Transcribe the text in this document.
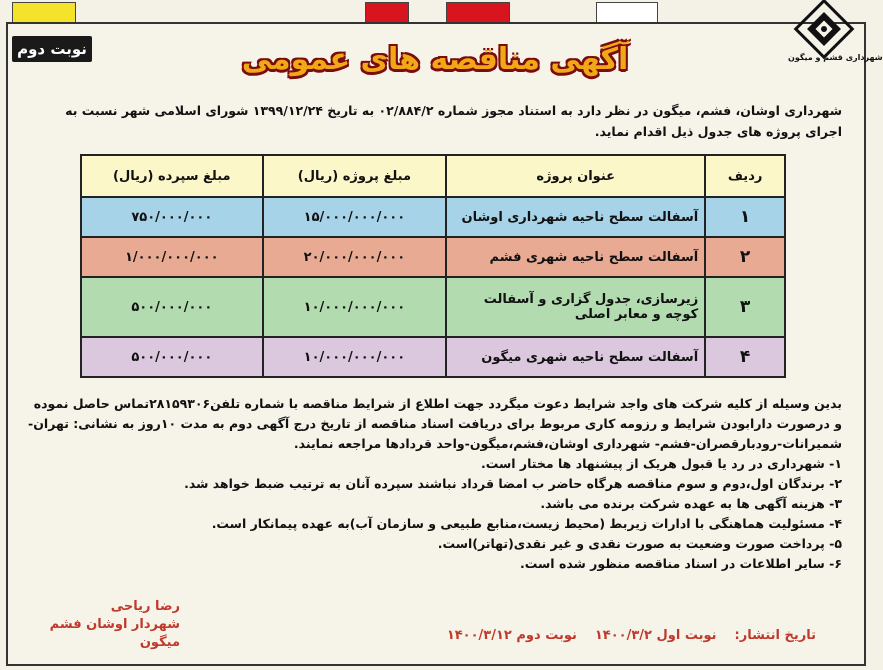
نوبت دوم	شهرداری قشم و میگون
آگهی مناقصه های عمومی
شهرداری اوشان، فشم، میگون در نظر دارد به استناد مجوز شماره ۰۲/۸۸۴/۲ به تاریخ ۱۳۹۹/۱۲/۲۴ شورای اسلامی شهر نسبت به اجرای پروژه های جدول ذیل اقدام نماید.
ردیف	عنوان پروژه	مبلغ پروژه (ریال)	مبلغ سپرده (ریال)
۱	آسفالت سطح ناحیه شهرداری اوشان	۱۵/۰۰۰/۰۰۰/۰۰۰	۷۵۰/۰۰۰/۰۰۰
۲	آسفالت سطح ناحیه شهری فشم	۲۰/۰۰۰/۰۰۰/۰۰۰	۱/۰۰۰/۰۰۰/۰۰۰
۳	زیرسازی، جدول گزاری و آسفالت کوچه و معابر اصلی	۱۰/۰۰۰/۰۰۰/۰۰۰	۵۰۰/۰۰۰/۰۰۰
۴	آسفالت سطح ناحیه شهری میگون	۱۰/۰۰۰/۰۰۰/۰۰۰	۵۰۰/۰۰۰/۰۰۰

بدین وسیله از کلیه شرکت های واجد شرایط دعوت میگردد جهت اطلاع از شرایط مناقصه با شماره تلفن۲۸۱۵۹۳۰۶تماس حاصل نموده و درصورت دارابودن شرایط و رزومه کاری مربوط برای دریافت اسناد مناقصه از تاریخ درج آگهی دوم به مدت ۱۰روز به نشانی: تهران- شمیرانات-رودبارقصران-فشم- شهرداری اوشان،فشم،میگون-واحد قردادها مراجعه نمایند.

۱- شهرداری در رد یا قبول هریک از پیشنهاد ها مختار است.

۲- برندگان اول،دوم و سوم مناقصه هرگاه حاضر ب امضا قرداد نباشند سپرده آنان به ترتیب ضبط خواهد شد.

۳- هزینه آگهی ها به عهده شرکت برنده می باشد.

۴- مسئولیت هماهنگی با ادارات زیربط (محیط زیست،منابع طبیعی و سازمان آب)به عهده پیمانکار است.

۵- پرداخت صورت وضعیت به صورت نقدی و غیر نقدی(تهاتر)است.

۶- سایر اطلاعات در اسناد مناقصه منظور شده است.

رضا ریاحی
شهردار اوشان فشم میگون	تاریخ انتشار:
نوبت اول ۱۴۰۰/۳/۲
نوبت دوم ۱۴۰۰/۳/۱۲
